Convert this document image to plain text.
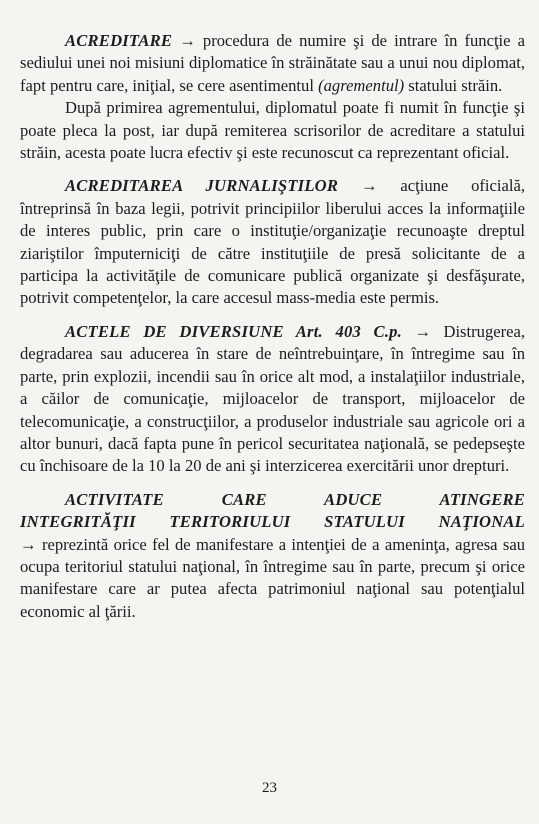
ACREDITARE → procedura de numire şi de intrare în funcţie a sediului unei noi misiuni diplomatice în străinătate sau a unui nou diplomat, fapt pentru care, iniţial, se cere asentimentul (agrementul) statului străin.

După primirea agrementului, diplomatul poate fi numit în funcţie şi poate pleca la post, iar după remiterea scrisorilor de acreditare a statului străin, acesta poate lucra efectiv şi este recunoscut ca reprezentant oficial.

ACREDITAREA JURNALIŞTILOR → acţiune oficială, întreprinsă în baza legii, potrivit principiilor liberului acces la informaţiile de interes public, prin care o instituţie/organizaţie recunoaşte dreptul ziariştilor împuterniciţi de către instituţiile de presă solicitante de a participa la activităţile de comunicare publică organizate şi desfăşurate, potrivit competenţelor, la care accesul mass-media este permis.

ACTELE DE DIVERSIUNE Art. 403 C.p. → Distrugerea, degradarea sau aducerea în stare de neîntrebuinţare, în întregime sau în parte, prin explozii, incendii sau în orice alt mod, a instalaţiilor industriale, a căilor de comunicaţie, mijloacelor de transport, mijloacelor de telecomunicaţie, a construcţiilor, a produselor industriale sau agricole ori a altor bunuri, dacă fapta pune în pericol securitatea naţională, se pedepseşte cu închisoare de la 10 la 20 de ani şi interzicerea exercitării unor drepturi.

ACTIVITATE CARE ADUCE ATINGERE
INTEGRITĂŢII TERITORIULUI STATULUI NAŢIONAL
→ reprezintă orice fel de manifestare a intenţiei de a ameninţa, agresa sau ocupa teritoriul statului naţional, în întregime sau în parte, precum şi orice manifestare care ar putea afecta patrimoniul naţional sau potenţialul economic al ţării.

23
